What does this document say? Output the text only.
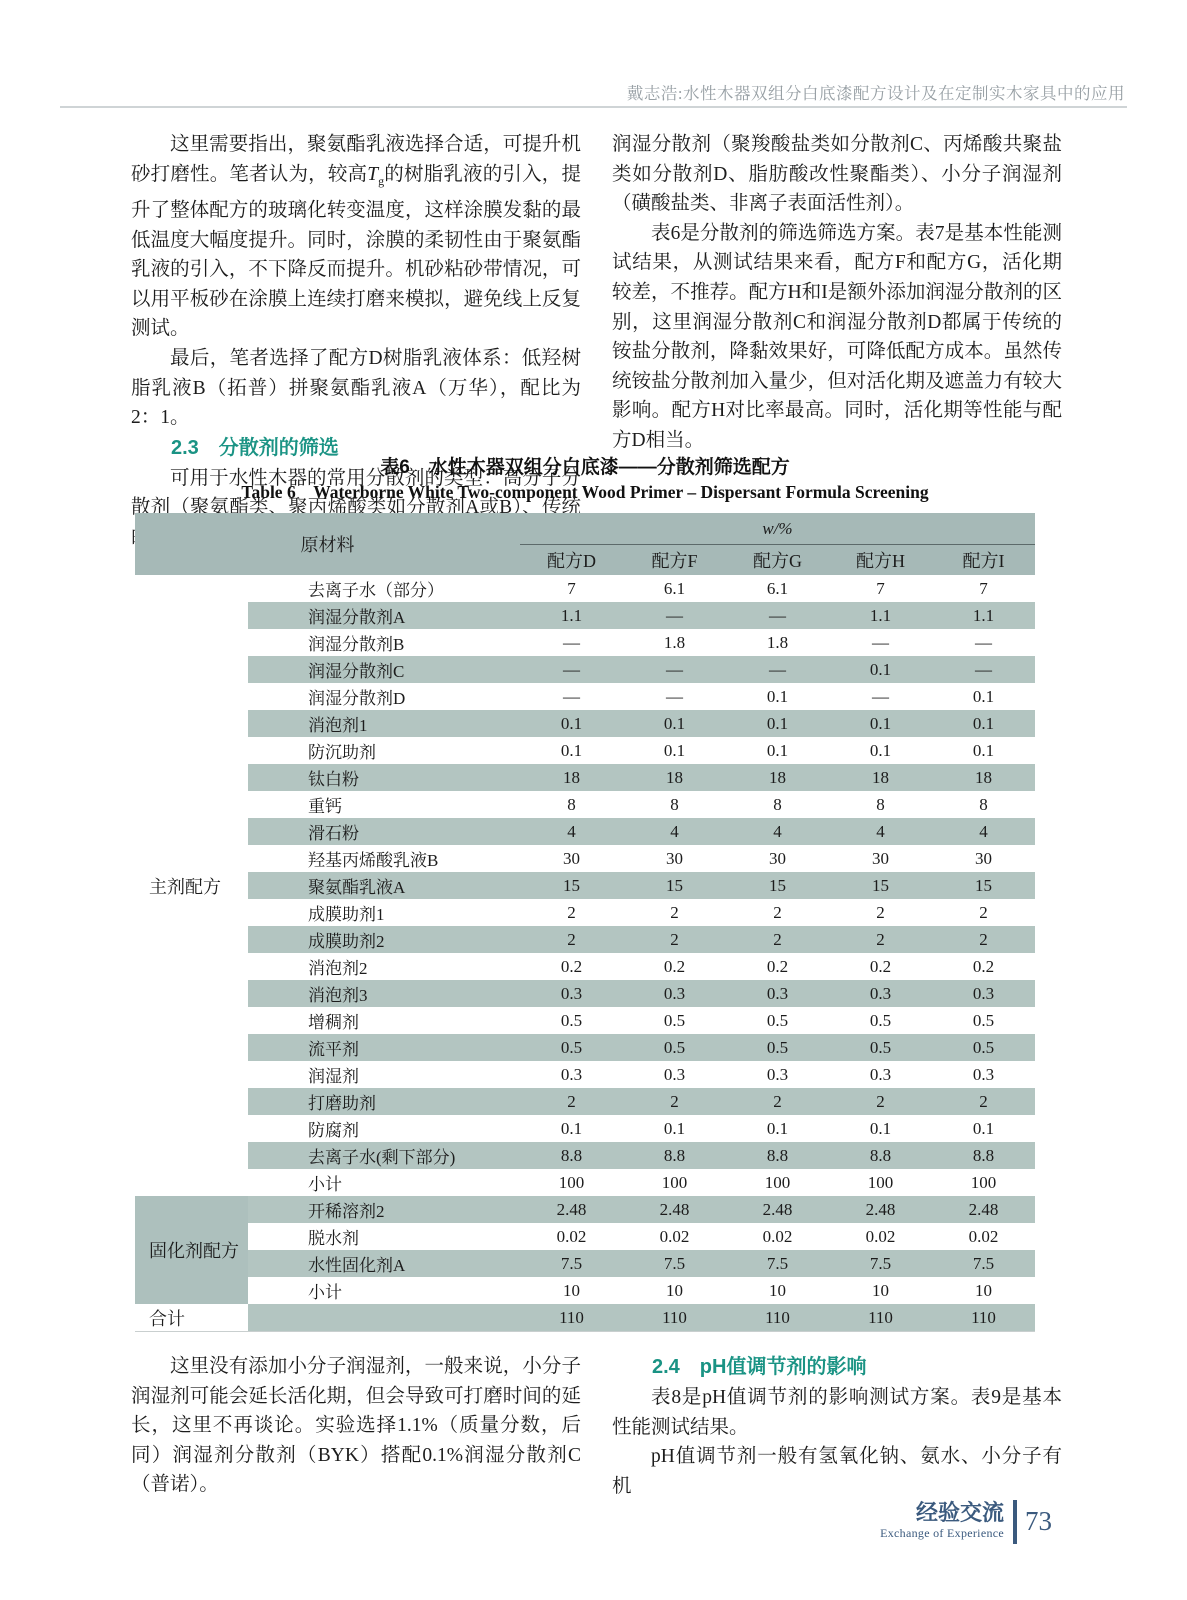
戴志浩:水性木器双组分白底漆配方设计及在定制实木家具中的应用

这里需要指出，聚氨酯乳液选择合适，可提升机砂打磨性。笔者认为，较高$T_g$的树脂乳液的引入，提升了整体配方的玻璃化转变温度，这样涂膜发黏的最低温度大幅度提升。同时，涂膜的柔韧性由于聚氨酯乳液的引入，不下降反而提升。机砂粘砂带情况，可以用平板砂在涂膜上连续打磨来模拟，避免线上反复测试。

最后，笔者选择了配方D树脂乳液体系：低羟树脂乳液B（拓普）拼聚氨酯乳液A（万华），配比为2：1。

2.3　分散剂的筛选

可用于水性木器的常用分散剂的类型：高分子分散剂（聚氨酯类、聚丙烯酸类如分散剂A或B）、传统的

润湿分散剂（聚羧酸盐类如分散剂C、丙烯酸共聚盐类如分散剂D、脂肪酸改性聚酯类）、小分子润湿剂（磺酸盐类、非离子表面活性剂）。

表6是分散剂的筛选筛选方案。表7是基本性能测试结果，从测试结果来看，配方F和配方G，活化期较差，不推荐。配方H和I是额外添加润湿分散剂的区别，这里润湿分散剂C和润湿分散剂D都属于传统的铵盐分散剂，降黏效果好，可降低配方成本。虽然传统铵盐分散剂加入量少，但对活化期及遮盖力有较大影响。配方H对比率最高。同时，活化期等性能与配方D相当。

表6　水性木器双组分白底漆——分散剂筛选配方
Table 6　Waterborne White Two-component Wood Primer – Dispersant Formula Screening
原材料		w/%				
		配方D	配方F	配方G	配方H	配方I
主剂配方	去离子水（部分）	7	6.1	6.1	7	7
	润湿分散剂A	1.1	—	—	1.1	1.1
	润湿分散剂B	—	1.8	1.8	—	—
	润湿分散剂C	—	—	—	0.1	—
	润湿分散剂D	—	—	0.1	—	0.1
	消泡剂1	0.1	0.1	0.1	0.1	0.1
	防沉助剂	0.1	0.1	0.1	0.1	0.1
	钛白粉	18	18	18	18	18
	重钙	8	8	8	8	8
	滑石粉	4	4	4	4	4
	羟基丙烯酸乳液B	30	30	30	30	30
	聚氨酯乳液A	15	15	15	15	15
	成膜助剂1	2	2	2	2	2
	成膜助剂2	2	2	2	2	2
	消泡剂2	0.2	0.2	0.2	0.2	0.2
	消泡剂3	0.3	0.3	0.3	0.3	0.3
	增稠剂	0.5	0.5	0.5	0.5	0.5
	流平剂	0.5	0.5	0.5	0.5	0.5
	润湿剂	0.3	0.3	0.3	0.3	0.3
	打磨助剂	2	2	2	2	2
	防腐剂	0.1	0.1	0.1	0.1	0.1
	去离子水(剩下部分)	8.8	8.8	8.8	8.8	8.8
	小计	100	100	100	100	100
固化剂配方	开稀溶剂2	2.48	2.48	2.48	2.48	2.48
	脱水剂	0.02	0.02	0.02	0.02	0.02
	水性固化剂A	7.5	7.5	7.5	7.5	7.5
	小计	10	10	10	10	10
合计		110	110	110	110	110

这里没有添加小分子润湿剂，一般来说，小分子润湿剂可能会延长活化期，但会导致可打磨时间的延长，这里不再谈论。实验选择1.1%（质量分数，后同）润湿剂分散剂（BYK）搭配0.1%润湿分散剂C（普诺）。

2.4　pH值调节剂的影响

表8是pH值调节剂的影响测试方案。表9是基本性能测试结果。

pH值调节剂一般有氢氧化钠、氨水、小分子有机

经验交流
Exchange of Experience 73
